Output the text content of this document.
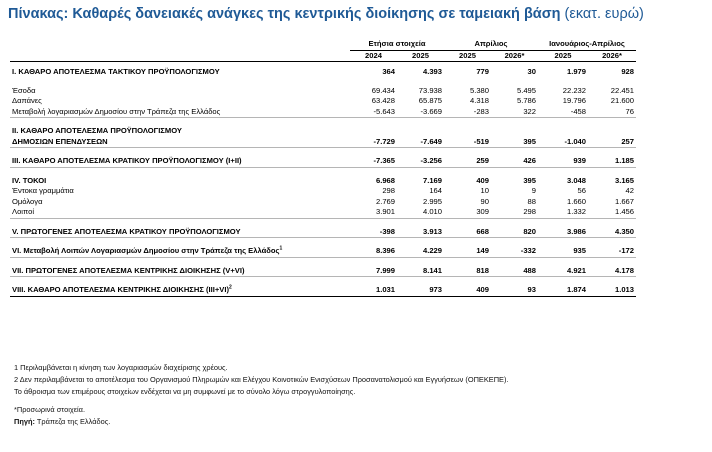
Πίνακας: Καθαρές δανειακές ανάγκες της κεντρικής διοίκησης σε ταμειακή βάση (εκατ. ευρώ)
	Ετήσια στοιχεία		Απρίλιος		Ιανουάριος-Απρίλιος	
	2024	2025	2025	2026*	2025	2026*

I. ΚΑΘΑΡΟ ΑΠΟΤΕΛΕΣΜΑ ΤΑΚΤΙΚΟΥ ΠΡΟΫΠΟΛΟΓΙΣΜΟΥ	364	4.393	779	30	1.979	928

Έσοδα	69.434	73.938	5.380	5.495	22.232	22.451
Δαπάνες	63.428	65.875	4.318	5.786	19.796	21.600
Μεταβολή λογαριασμών Δημοσίου στην Τράπεζα της Ελλάδος	-5.643	-3.669	-283	322	-458	76

II. ΚΑΘΑΡΟ ΑΠΟΤΕΛΕΣΜΑ ΠΡΟΫΠΟΛΟΓΙΣΜΟΥ						
ΔΗΜΟΣΙΩΝ ΕΠΕΝΔΥΣΕΩΝ	-7.729	-7.649	-519	395	-1.040	257

III. ΚΑΘΑΡΟ ΑΠΟΤΕΛΕΣΜΑ ΚΡΑΤΙΚΟΥ ΠΡΟΫΠΟΛΟΓΙΣΜΟΥ (I+II)	-7.365	-3.256	259	426	939	1.185

IV. ΤΟΚΟΙ	6.968	7.169	409	395	3.048	3.165
Έντοκα γραμμάτια	298	164	10	9	56	42
Ομόλογα	2.769	2.995	90	88	1.660	1.667
Λοιποί	3.901	4.010	309	298	1.332	1.456

V. ΠΡΩΤΟΓΕΝΕΣ ΑΠΟΤΕΛΕΣΜΑ ΚΡΑΤΙΚΟΥ ΠΡΟΫΠΟΛΟΓΙΣΜΟΥ	-398	3.913	668	820	3.986	4.350

VI. Μεταβολή Λοιπών Λογαριασμών Δημοσίου στην Τράπεζα της Ελλάδος$^1$	8.396	4.229	149	-332	935	-172

VII. ΠΡΩΤΟΓΕΝΕΣ ΑΠΟΤΕΛΕΣΜΑ ΚΕΝΤΡΙΚΗΣ ΔΙΟΙΚΗΣΗΣ (V+VI)	7.999	8.141	818	488	4.921	4.178

VIII. ΚΑΘΑΡΟ ΑΠΟΤΕΛΕΣΜΑ ΚΕΝΤΡΙΚΗΣ ΔΙΟΙΚΗΣΗΣ $(III+VI)^2$	1.031	973	409	93	1.874	1.013
1 Περιλαμβάνεται η κίνηση των λογαριασμών διαχείρισης χρέους.
2 Δεν περιλαμβάνεται το αποτέλεσμα του Οργανισμού Πληρωμών και Ελέγχου Κοινοτικών Ενισχύσεων Προσανατολισμού και Εγγυήσεων (ΟΠΕΚΕΠΕ).
Το άθροισμα των επιμέρους στοιχείων ενδέχεται να μη συμφωνεί με το σύνολο λόγω στρογγυλοποίησης.
*Προσωρινά στοιχεία.
Πηγή: Τράπεζα της Ελλάδος.
